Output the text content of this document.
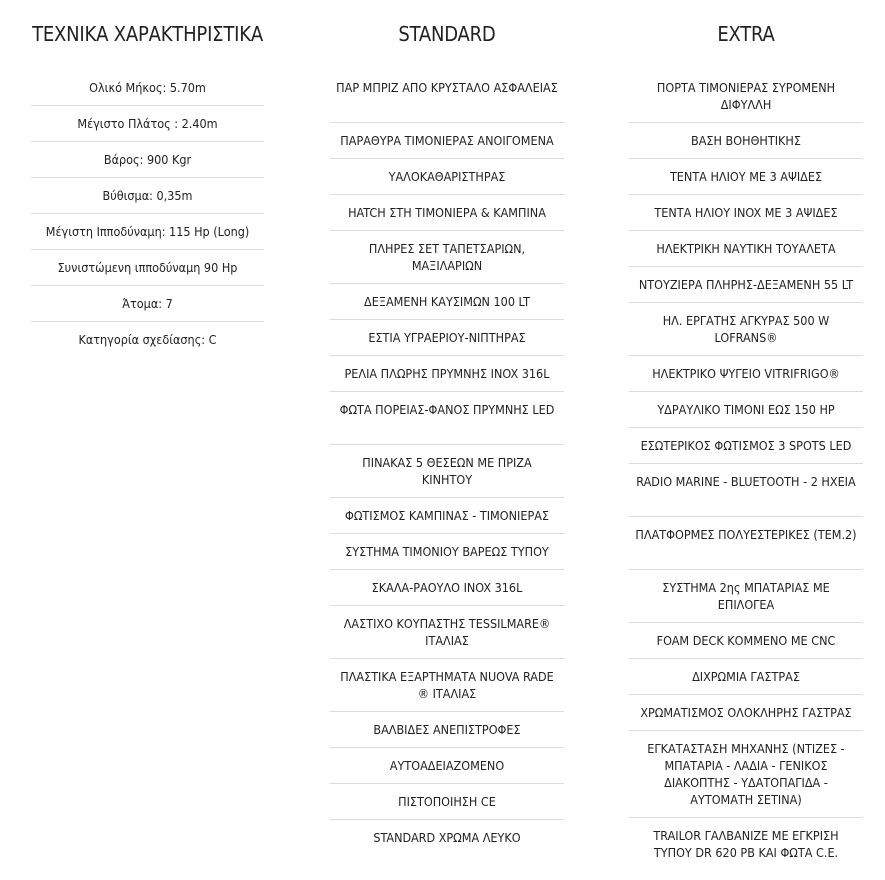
ΤΕΧΝΙΚΑ ΧΑΡΑΚΤΗΡΙΣΤΙΚΑ
Ολικό Μήκος: 5.70m
Μέγιστο Πλάτος : 2.40m
Βάρος: 900 Kgr
Βύθισμα: 0,35m
Μέγιστη Ιπποδύναμη: 115 Hp (Long)
Συνιστώμενη ιπποδύναμη 90 Hp
Άτομα: 7
Κατηγορία σχεδίασης: C
STANDARD
ΠΑΡ ΜΠΡΙΖ ΑΠΟ ΚΡΥΣΤΑΛΟ ΑΣΦΑΛΕΙΑΣ
ΠΑΡΑΘΥΡΑ ΤΙΜΟΝΙΕΡΑΣ ΑΝΟΙΓΟΜΕΝΑ
ΥΑΛΟΚΑΘΑΡΙΣΤΗΡΑΣ
HATCH ΣΤΗ ΤΙΜΟΝΙΕΡΑ & ΚΑΜΠΙΝΑ
ΠΛΗΡΕΣ ΣΕΤ ΤΑΠΕΤΣΑΡΙΩΝ, ΜΑΞΙΛΑΡΙΩΝ
ΔΕΞΑΜΕΝΗ ΚΑΥΣΙΜΩΝ 100 LT
ΕΣΤΙΑ ΥΓΡΑΕΡΙΟΥ-ΝΙΠΤΗΡΑΣ
ΡΕΛΙΑ ΠΛΩΡΗΣ ΠΡΥΜΝΗΣ INOX 316L
ΦΩΤΑ ΠΟΡΕΙΑΣ-ΦΑΝΟΣ ΠΡΥΜΝΗΣ LED
ΠΙΝΑΚΑΣ 5 ΘΕΣΕΩΝ ΜΕ ΠΡΙΖΑ ΚΙΝΗΤΟΥ
ΦΩΤΙΣΜΟΣ ΚΑΜΠΙΝΑΣ - ΤΙΜΟΝΙΕΡΑΣ
ΣΥΣΤΗΜΑ ΤΙΜΟΝΙΟΥ ΒΑΡΕΩΣ ΤΥΠΟΥ
ΣΚΑΛΑ-ΡΑΟΥΛΟ INOX 316L
ΛΑΣΤΙΧΟ ΚΟΥΠΑΣΤΗΣ TESSILMARE® ΙΤΑΛΙΑΣ
ΠΛΑΣΤΙΚΑ ΕΞΑΡΤΗΜΑΤΑ NUOVA RADE ® ΙΤΑΛΙΑΣ
ΒΑΛΒΙΔΕΣ ΑΝΕΠΙΣΤΡΟΦΕΣ
ΑΥΤΟΑΔΕΙΑΖΟΜΕΝΟ
ΠΙΣΤΟΠΟΙΗΣΗ CE
STANDARD ΧΡΩΜΑ ΛΕΥΚΟ
EXTRA
ΠΟΡΤΑ ΤΙΜΟΝΙΕΡΑΣ ΣΥΡΟΜΕΝΗ ΔΙΦΥΛΛΗ
ΒΑΣΗ ΒΟΗΘΗΤΙΚΗΣ
ΤΕΝΤΑ ΗΛΙΟΥ ΜΕ 3 ΑΨΙΔΕΣ
ΤΕΝΤΑ ΗΛΙΟΥ INOX ΜΕ 3 ΑΨΙΔΕΣ
ΗΛΕΚΤΡΙΚΗ ΝΑΥΤΙΚΗ ΤΟΥΑΛΕΤΑ
ΝΤΟΥΖΙΕΡΑ ΠΛΗΡΗΣ-ΔΕΞΑΜΕΝΗ 55 LT
ΗΛ. ΕΡΓΑΤΗΣ ΑΓΚΥΡΑΣ 500 W LOFRANS®
ΗΛΕΚΤΡΙΚΟ ΨΥΓΕΙΟ VITRIFRIGO®
ΥΔΡΑΥΛΙΚΟ ΤΙΜΟΝΙ ΕΩΣ 150 HP
ΕΣΩΤΕΡΙΚΟΣ ΦΩΤΙΣΜΟΣ 3 SPOTS LED
RADIO MARINE - BLUETOOTH - 2 ΗΧΕΙΑ
ΠΛΑΤΦΟΡΜΕΣ ΠΟΛΥΕΣΤΕΡΙΚΕΣ (ΤΕΜ.2)
ΣΥΣΤΗΜΑ 2ης ΜΠΑΤΑΡΙΑΣ ΜΕ ΕΠΙΛΟΓΕΑ
FOAM DECK ΚΟΜΜΕΝΟ ΜΕ CNC
ΔΙΧΡΩΜΙΑ ΓΑΣΤΡΑΣ
ΧΡΩΜΑΤΙΣΜΟΣ ΟΛΟΚΛΗΡΗΣ ΓΑΣΤΡΑΣ
ΕΓΚΑΤΑΣΤΑΣΗ ΜΗΧΑΝΗΣ (ΝΤΙΖΕΣ - ΜΠΑΤΑΡΙΑ - ΛΑΔΙΑ - ΓΕΝΙΚΟΣ ΔΙΑΚΟΠΤΗΣ - ΥΔΑΤΟΠΑΓΙΔΑ - ΑΥΤΟΜΑΤΗ ΣΕΤΙΝΑ)
TRAILOR ΓΑΛΒΑΝΙΖΕ ΜΕ ΕΓΚΡΙΣΗ ΤΥΠΟΥ DR 620 PB ΚΑΙ ΦΩΤΑ C.E.
